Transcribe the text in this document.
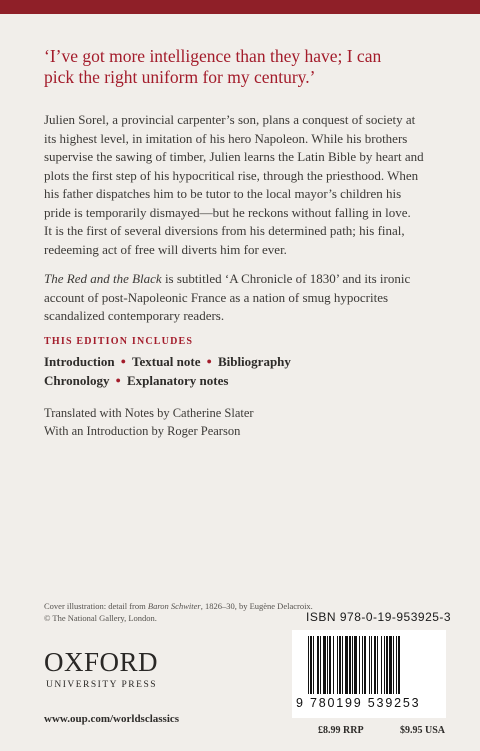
‘I’ve got more intelligence than they have; I can
pick the right uniform for my century.’
Julien Sorel, a provincial carpenter’s son, plans a conquest of society at
its highest level, in imitation of his hero Napoleon. While his brothers
supervise the sawing of timber, Julien learns the Latin Bible by heart and
plots the first step of his hypocritical rise, through the priesthood. When
his father dispatches him to be tutor to the local mayor’s children his
pride is temporarily dismayed—but he reckons without falling in love.
It is the first of several diversions from his determined path; his final,
redeeming act of free will diverts him for ever.
The Red and the Black is subtitled ‘A Chronicle of 1830’ and its ironic
account of post-Napoleonic France as a nation of smug hypocrites
scandalized contemporary readers.
THIS EDITION INCLUDES
Introduction ● Textual note ● Bibliography
Chronology ● Explanatory notes
Translated with Notes by Catherine Slater
With an Introduction by Roger Pearson
Cover illustration: detail from Baron Schwiter, 1826–30, by Eugène Delacroix.
© The National Gallery, London.
OXFORD
UNIVERSITY PRESS
www.oup.com/worldsclassics
ISBN 978-0-19-953925-3
9 780199 539253
£8.99 RRP	$9.95 USA
